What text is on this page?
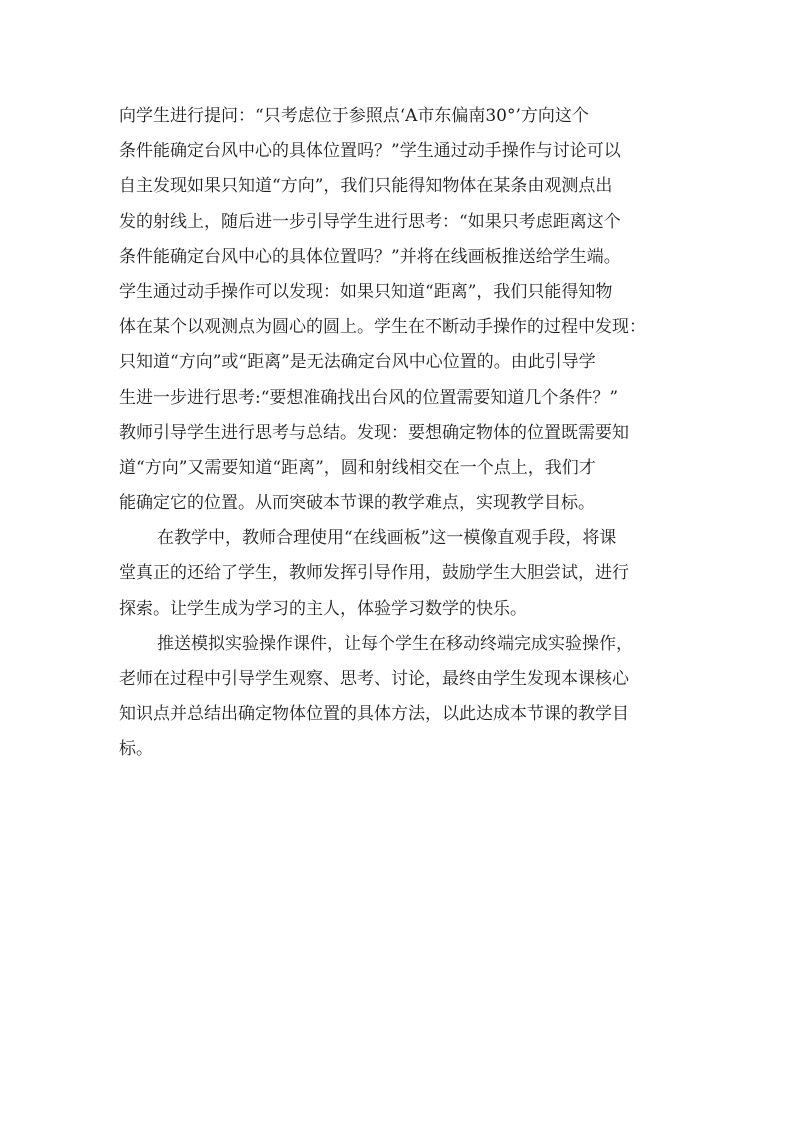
向学生进行提问：“只考虑位于参照点‘A市东偏南30°’方向这个
条件能确定台风中心的具体位置吗？”学生通过动手操作与讨论可以
自主发现如果只知道“方向”，我们只能得知物体在某条由观测点出
发的射线上，随后进一步引导学生进行思考：“如果只考虑距离这个
条件能确定台风中心的具体位置吗？”并将在线画板推送给学生端。
学生通过动手操作可以发现：如果只知道“距离”，我们只能得知物
体在某个以观测点为圆心的圆上。学生在不断动手操作的过程中发现：
只知道“方向”或“距离”是无法确定台风中心位置的。由此引导学
生进一步进行思考:“要想准确找出台风的位置需要知道几个条件？”
教师引导学生进行思考与总结。发现：要想确定物体的位置既需要知
道“方向”又需要知道“距离”，圆和射线相交在一个点上，我们才
能确定它的位置。从而突破本节课的教学难点，实现教学目标。
在教学中，教师合理使用“在线画板”这一模像直观手段，将课
堂真正的还给了学生，教师发挥引导作用，鼓励学生大胆尝试，进行
探索。让学生成为学习的主人，体验学习数学的快乐。
推送模拟实验操作课件，让每个学生在移动终端完成实验操作，
老师在过程中引导学生观察、思考、讨论，最终由学生发现本课核心
知识点并总结出确定物体位置的具体方法，以此达成本节课的教学目
标。
